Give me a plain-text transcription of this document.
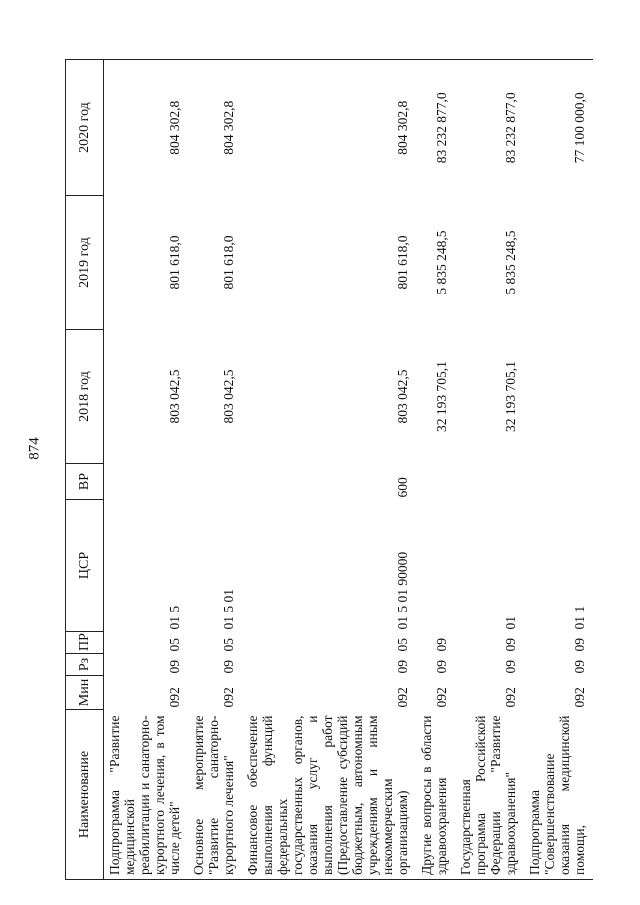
874
Наименование	Мин	Рз	ПР	ЦСР	ВР	2018 год	2019 год	2020 год
Подпрограмма "Развитие медицинской реабилитации и санаторно-курортного лечения, в том числе детей"	092	09	05	01 5		803 042,5	801 618,0	804 302,8
Основное мероприятие "Развитие санаторно-курортного лечения"	092	09	05	01 5 01		803 042,5	801 618,0	804 302,8
Финансовое обеспечение выполнения функций федеральных государственных органов, оказания услуг и выполнения работ (Предоставление субсидий бюджетным, автономным учреждениям и иным некоммерческим организациям)	092	09	05	01 5 01 90000	600	803 042,5	801 618,0	804 302,8
Другие вопросы в области здравоохранения	092	09	09			32 193 705,1	5 835 248,5	83 232 877,0
Государственная программа Российской Федерации "Развитие здравоохранения"	092	09	09	01		32 193 705,1	5 835 248,5	83 232 877,0
Подпрограмма "Совершенствование оказания медицинской помощи,	092	09	09	01 1				77 100 000,0
